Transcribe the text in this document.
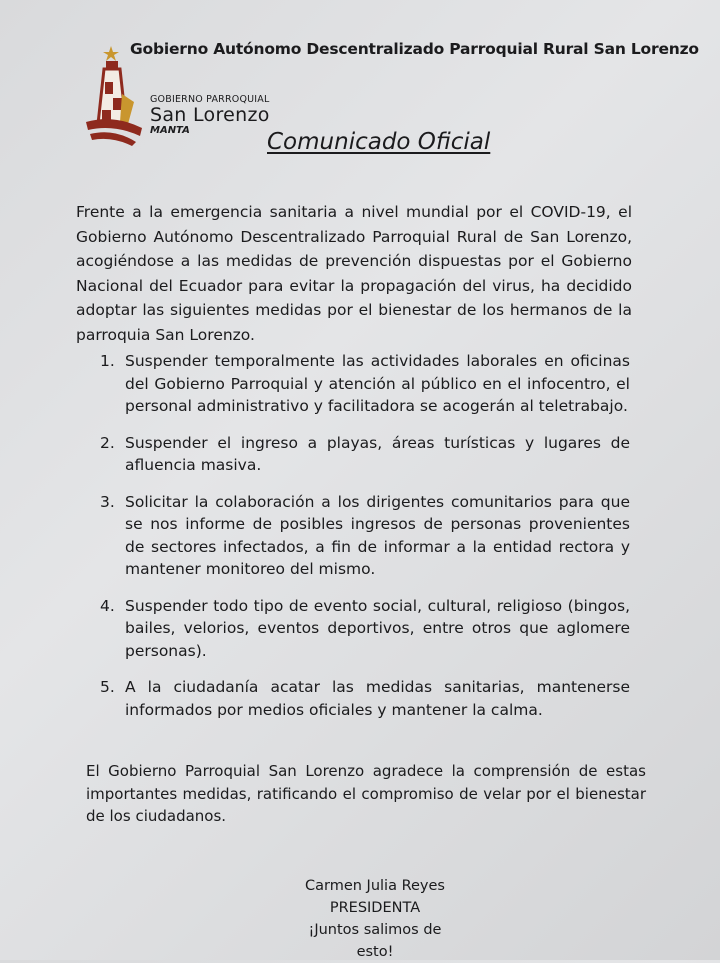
Gobierno Autónomo Descentralizado Parroquial Rural San Lorenzo
GOBIERNO PARROQUIAL
San Lorenzo
MANTA	Comunicado Oficial
Frente a la emergencia sanitaria a nivel mundial por el COVID-19, el Gobierno Autónomo Descentralizado Parroquial Rural de San Lorenzo, acogiéndose a las medidas de prevención dispuestas por el Gobierno Nacional del Ecuador para evitar la propagación del virus, ha decidido adoptar las siguientes medidas por el bienestar de los hermanos de la parroquia San Lorenzo.
1. Suspender temporalmente las actividades laborales en oficinas del Gobierno Parroquial y atención al público en el infocentro, el personal administrativo y facilitadora se acogerán al teletrabajo.
2. Suspender el ingreso a playas, áreas turísticas y lugares de afluencia masiva.
3. Solicitar la colaboración a los dirigentes comunitarios para que se nos informe de posibles ingresos de personas provenientes de sectores infectados, a fin de informar a la entidad rectora y mantener monitoreo del mismo.
4. Suspender todo tipo de evento social, cultural, religioso (bingos, bailes, velorios, eventos deportivos, entre otros que aglomere personas).
5. A la ciudadanía acatar las medidas sanitarias, mantenerse informados por medios oficiales y mantener la calma.
El Gobierno Parroquial San Lorenzo agradece la comprensión de estas importantes medidas, ratificando el compromiso de velar por el bienestar de los ciudadanos.
Carmen Julia Reyes
PRESIDENTA
¡Juntos salimos de esto!
